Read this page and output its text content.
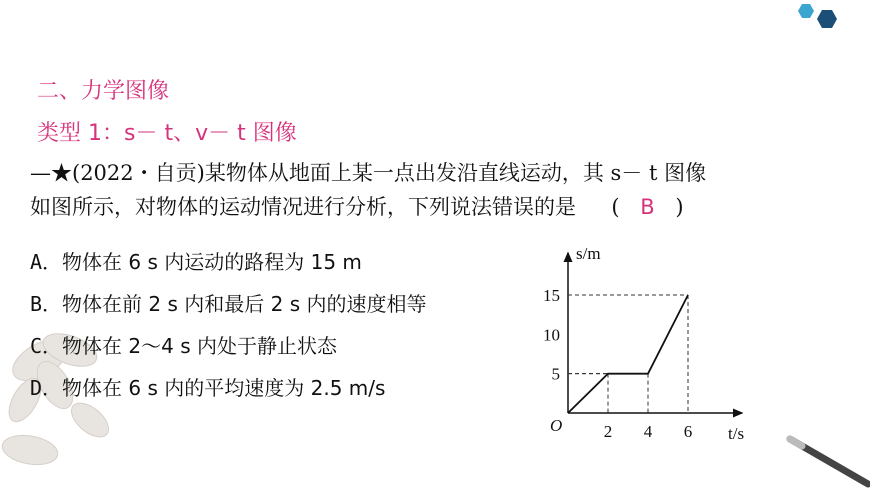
二、力学图像
类型 1：s－ t、v－ t 图像
—★(2022・自贡)某物体从地面上某一点出发沿直线运动，其 s－ t 图像
如图所示，对物体的运动情况进行分析，下列说法错误的是 ( B )
A．物体在 6 s 内运动的路程为 15 m
B．物体在前 2 s 内和最后 2 s 内的速度相等
C．物体在 2～4 s 内处于静止状态
D．物体在 6 s 内的平均速度为 2.5 m/s
s/m
t/s
O 2 4 6
5
10
15
